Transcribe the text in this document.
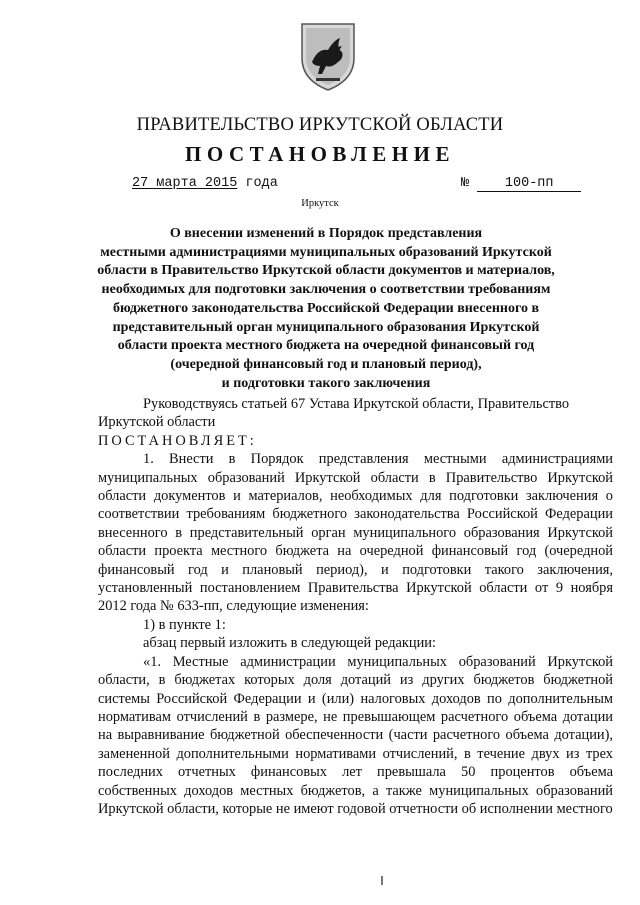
ПРАВИТЕЛЬСТВО ИРКУТСКОЙ ОБЛАСТИ
ПОСТАНОВЛЕНИЕ
27 марта 2015 года	№	100-пп
Иркутск
О внесении изменений в Порядок представления
местными администрациями муниципальных образований Иркутской
области в Правительство Иркутской области документов и материалов,
необходимых для подготовки заключения о соответствии требованиям
бюджетного законодательства Российской Федерации внесенного в
представительный орган муниципального образования Иркутской
области проекта местного бюджета на очередной финансовый год
(очередной финансовый год и плановый период),
и подготовки такого заключения

Руководствуясь статьей 67 Устава Иркутской области, Правительство Иркутской области

ПОСТАНОВЛЯЕТ:

1. Внести в Порядок представления местными администрациями муниципальных образований Иркутской области в Правительство Иркутской области документов и материалов, необходимых для подготовки заключения о соответствии требованиям бюджетного законодательства Российской Федерации внесенного в представительный орган муниципального образования Иркутской области проекта местного бюджета на очередной финансовый год (очередной финансовый год и плановый период), и подготовки такого заключения, установленный постановлением Правительства Иркутской области от 9 ноября 2012 года № 633-пп, следующие изменения:

1) в пункте 1:

абзац первый изложить в следующей редакции:

«1. Местные администрации муниципальных образований Иркутской области, в бюджетах которых доля дотаций из других бюджетов бюджетной системы Российской Федерации и (или) налоговых доходов по дополнительным нормативам отчислений в размере, не превышающем расчетного объема дотации на выравнивание бюджетной обеспеченности (части расчетного объема дотации), замененной дополнительными нормативами отчислений, в течение двух из трех последних отчетных финансовых лет превышала 50 процентов объема собственных доходов местных бюджетов, а также муниципальных образований Иркутской области, которые не имеют годовой отчетности об исполнении местного
